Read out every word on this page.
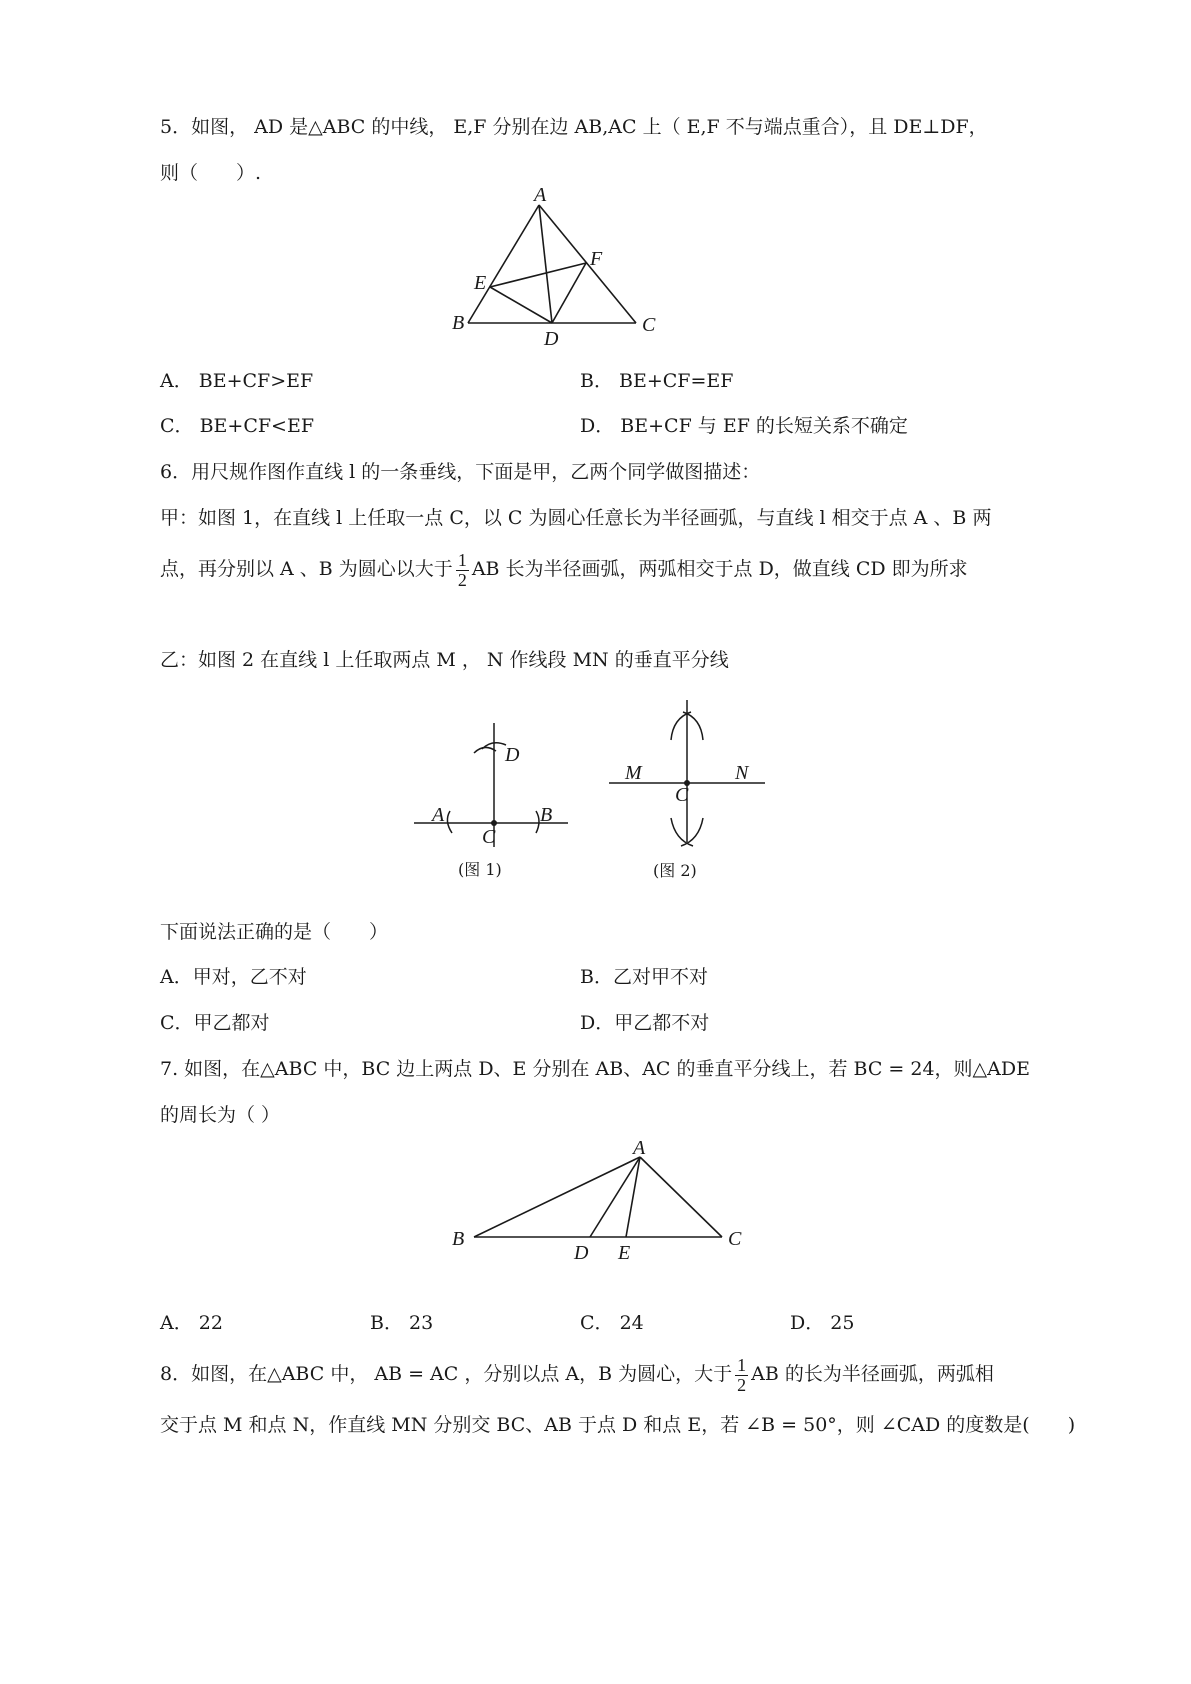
5．如图， AD 是△ABC 的中线， E,F 分别在边 AB,AC 上（ E,F 不与端点重合），且 DE⊥DF，
则（　　）.
A
B	C
D
E
F
A． BE+CF>EF	B． BE+CF=EF
C． BE+CF<EF	D． BE+CF 与 EF 的长短关系不确定
6．用尺规作图作直线 l 的一条垂线，下面是甲，乙两个同学做图描述：
甲：如图 1，在直线 l 上任取一点 C，以 C 为圆心任意长为半径画弧，与直线 l 相交于点 A 、B 两
点，再分别以 A 、B 为圆心以大于 $\frac{1}{2}$ AB 长为半径画弧，两弧相交于点 D，做直线 CD 即为所求
乙：如图 2 在直线 l 上任取两点 M ， N 作线段 MN 的垂直平分线
D
A	B
C
(图 1)
M	N
C
(图 2)
下面说法正确的是（　　）
A．甲对，乙不对	B．乙对甲不对
C．甲乙都对	D．甲乙都不对
7. 如图，在△ABC 中，BC 边上两点 D、E 分别在 AB、AC 的垂直平分线上，若 BC = 24，则△ADE
的周长为（ ）
A
B	C
D E
A． 22	B． 23	C． 24	D． 25
8．如图，在△ABC 中， AB = AC ，分别以点 A，B 为圆心，大于 $\frac{1}{2}$ AB 的长为半径画弧，两弧相
交于点 M 和点 N，作直线 MN 分别交 BC、AB 于点 D 和点 E，若 ∠B = 50°，则 ∠CAD 的度数是(　　)
